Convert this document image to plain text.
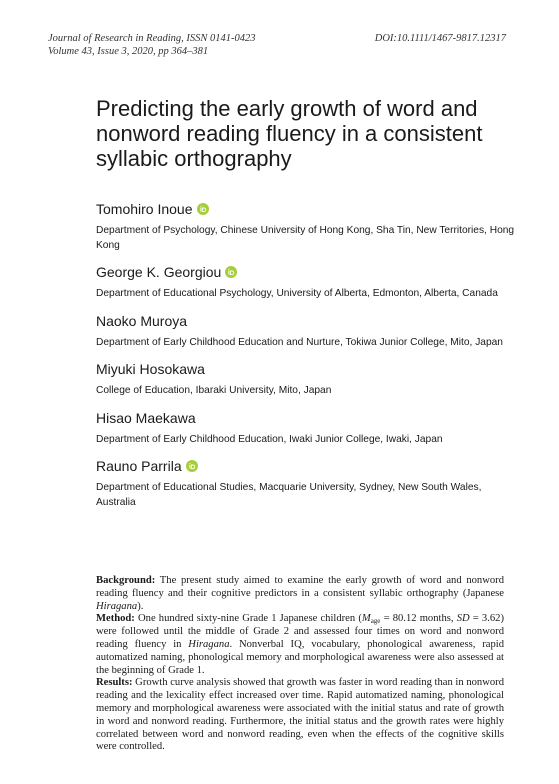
Journal of Research in Reading, ISSN 0141-0423
Volume 43, Issue 3, 2020, pp 364–381
DOI:10.1111/1467-9817.12317
Predicting the early growth of word and nonword reading fluency in a consistent syllabic orthography
Tomohiro Inoue
Department of Psychology, Chinese University of Hong Kong, Sha Tin, New Territories, Hong Kong
George K. Georgiou
Department of Educational Psychology, University of Alberta, Edmonton, Alberta, Canada
Naoko Muroya
Department of Early Childhood Education and Nurture, Tokiwa Junior College, Mito, Japan
Miyuki Hosokawa
College of Education, Ibaraki University, Mito, Japan
Hisao Maekawa
Department of Early Childhood Education, Iwaki Junior College, Iwaki, Japan
Rauno Parrila
Department of Educational Studies, Macquarie University, Sydney, New South Wales, Australia

Background: The present study aimed to examine the early growth of word and nonword reading fluency and their cognitive predictors in a consistent syllabic orthography (Japanese Hiragana).

Method: One hundred sixty-nine Grade 1 Japanese children ($M_{age} = 80.12$ months, SD = 3.62) were followed until the middle of Grade 2 and assessed four times on word and nonword reading fluency in Hiragana. Nonverbal IQ, vocabulary, phonological awareness, rapid automatized naming, phonological memory and morphological awareness were also assessed at the beginning of Grade 1.

Results: Growth curve analysis showed that growth was faster in word reading than in nonword reading and the lexicality effect increased over time. Rapid automatized naming, phonological memory and morphological awareness were associated with the initial status and rate of growth in word and nonword reading. Furthermore, the initial status and the growth rates were highly correlated between word and nonword reading, even when the effects of the cognitive skills were controlled.
